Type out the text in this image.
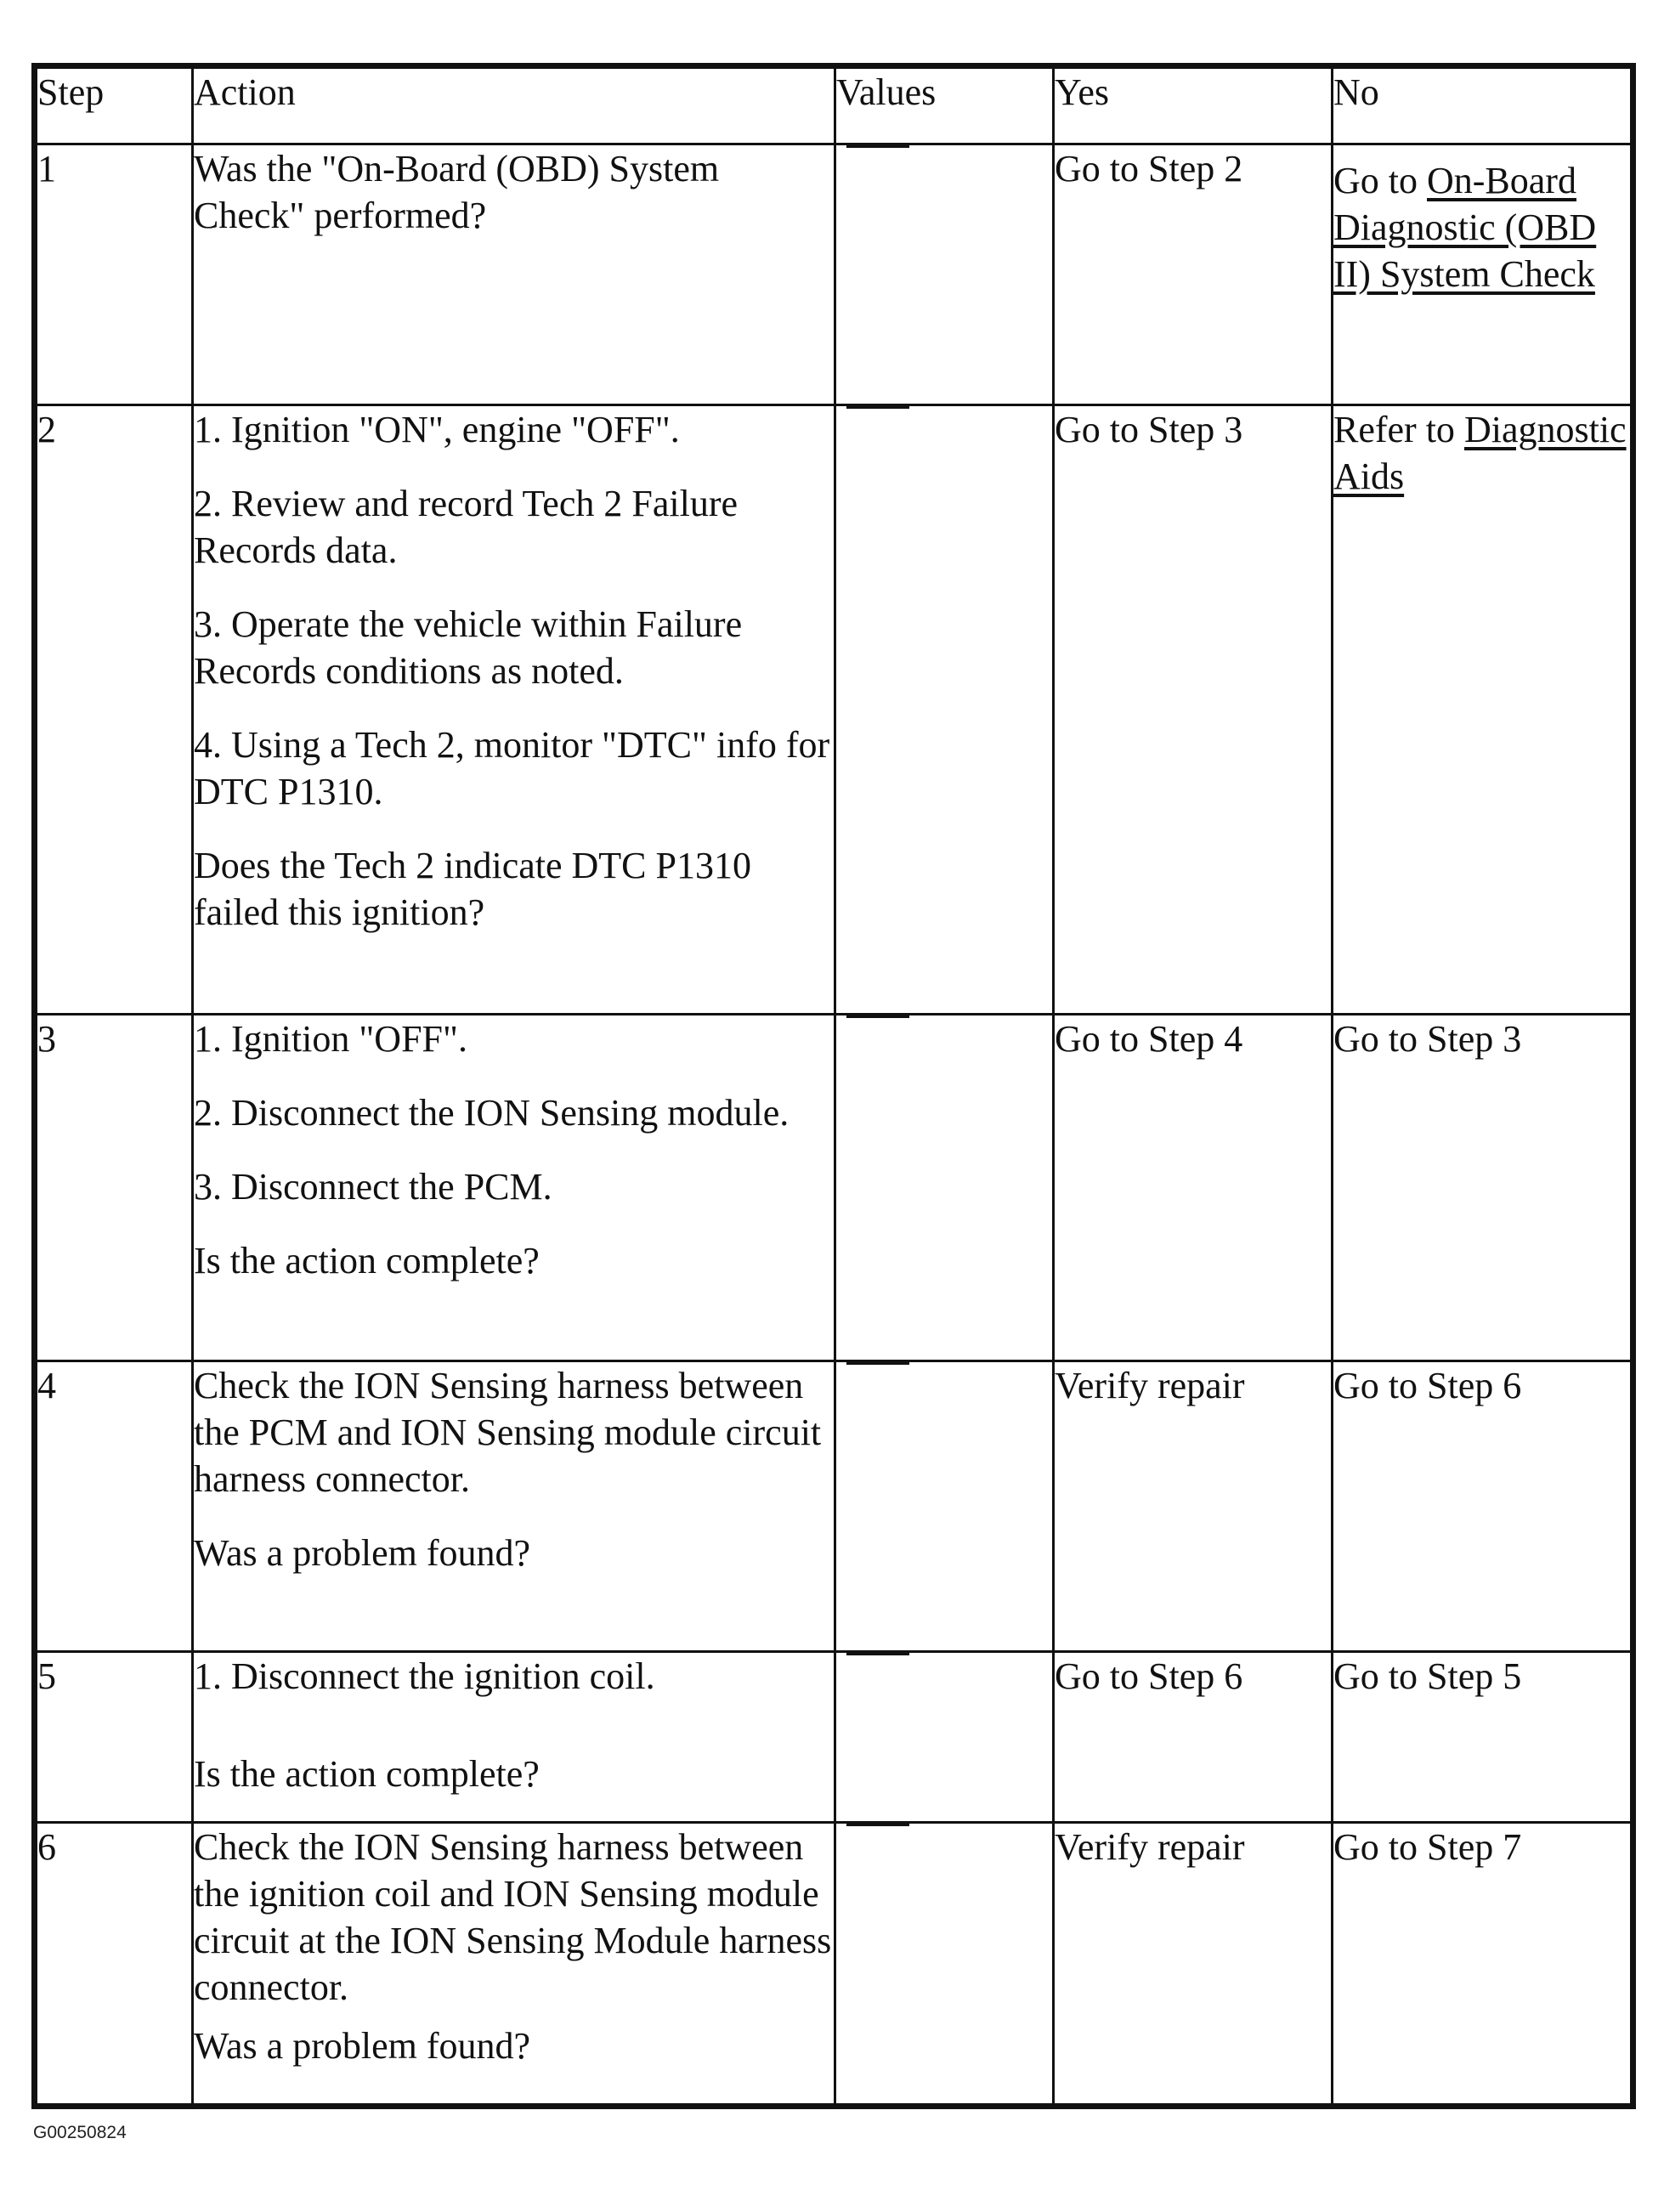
Step	Action	Values	Yes	No
1	Was the "On-Board (OBD) System Check" performed?		Go to Step 2	Go to On-Board Diagnostic (OBD II) System Check
2	1. Ignition "ON", engine "OFF".
2. Review and record Tech 2 Failure Records data.
3. Operate the vehicle within Failure Records conditions as noted.
4. Using a Tech 2, monitor "DTC" info for DTC P1310.
Does the Tech 2 indicate DTC P1310 failed this ignition?		Go to Step 3	Refer to Diagnostic Aids
3	1. Ignition "OFF".
2. Disconnect the ION Sensing module.
3. Disconnect the PCM.
Is the action complete?		Go to Step 4	Go to Step 3
4	Check the ION Sensing harness between the PCM and ION Sensing module circuit harness connector.
Was a problem found?		Verify repair	Go to Step 6
5	1. Disconnect the ignition coil.
Is the action complete?		Go to Step 6	Go to Step 5
6	Check the ION Sensing harness between the ignition coil and ION Sensing module circuit at the ION Sensing Module harness connector.
Was a problem found?		Verify repair	Go to Step 7
G00250824
